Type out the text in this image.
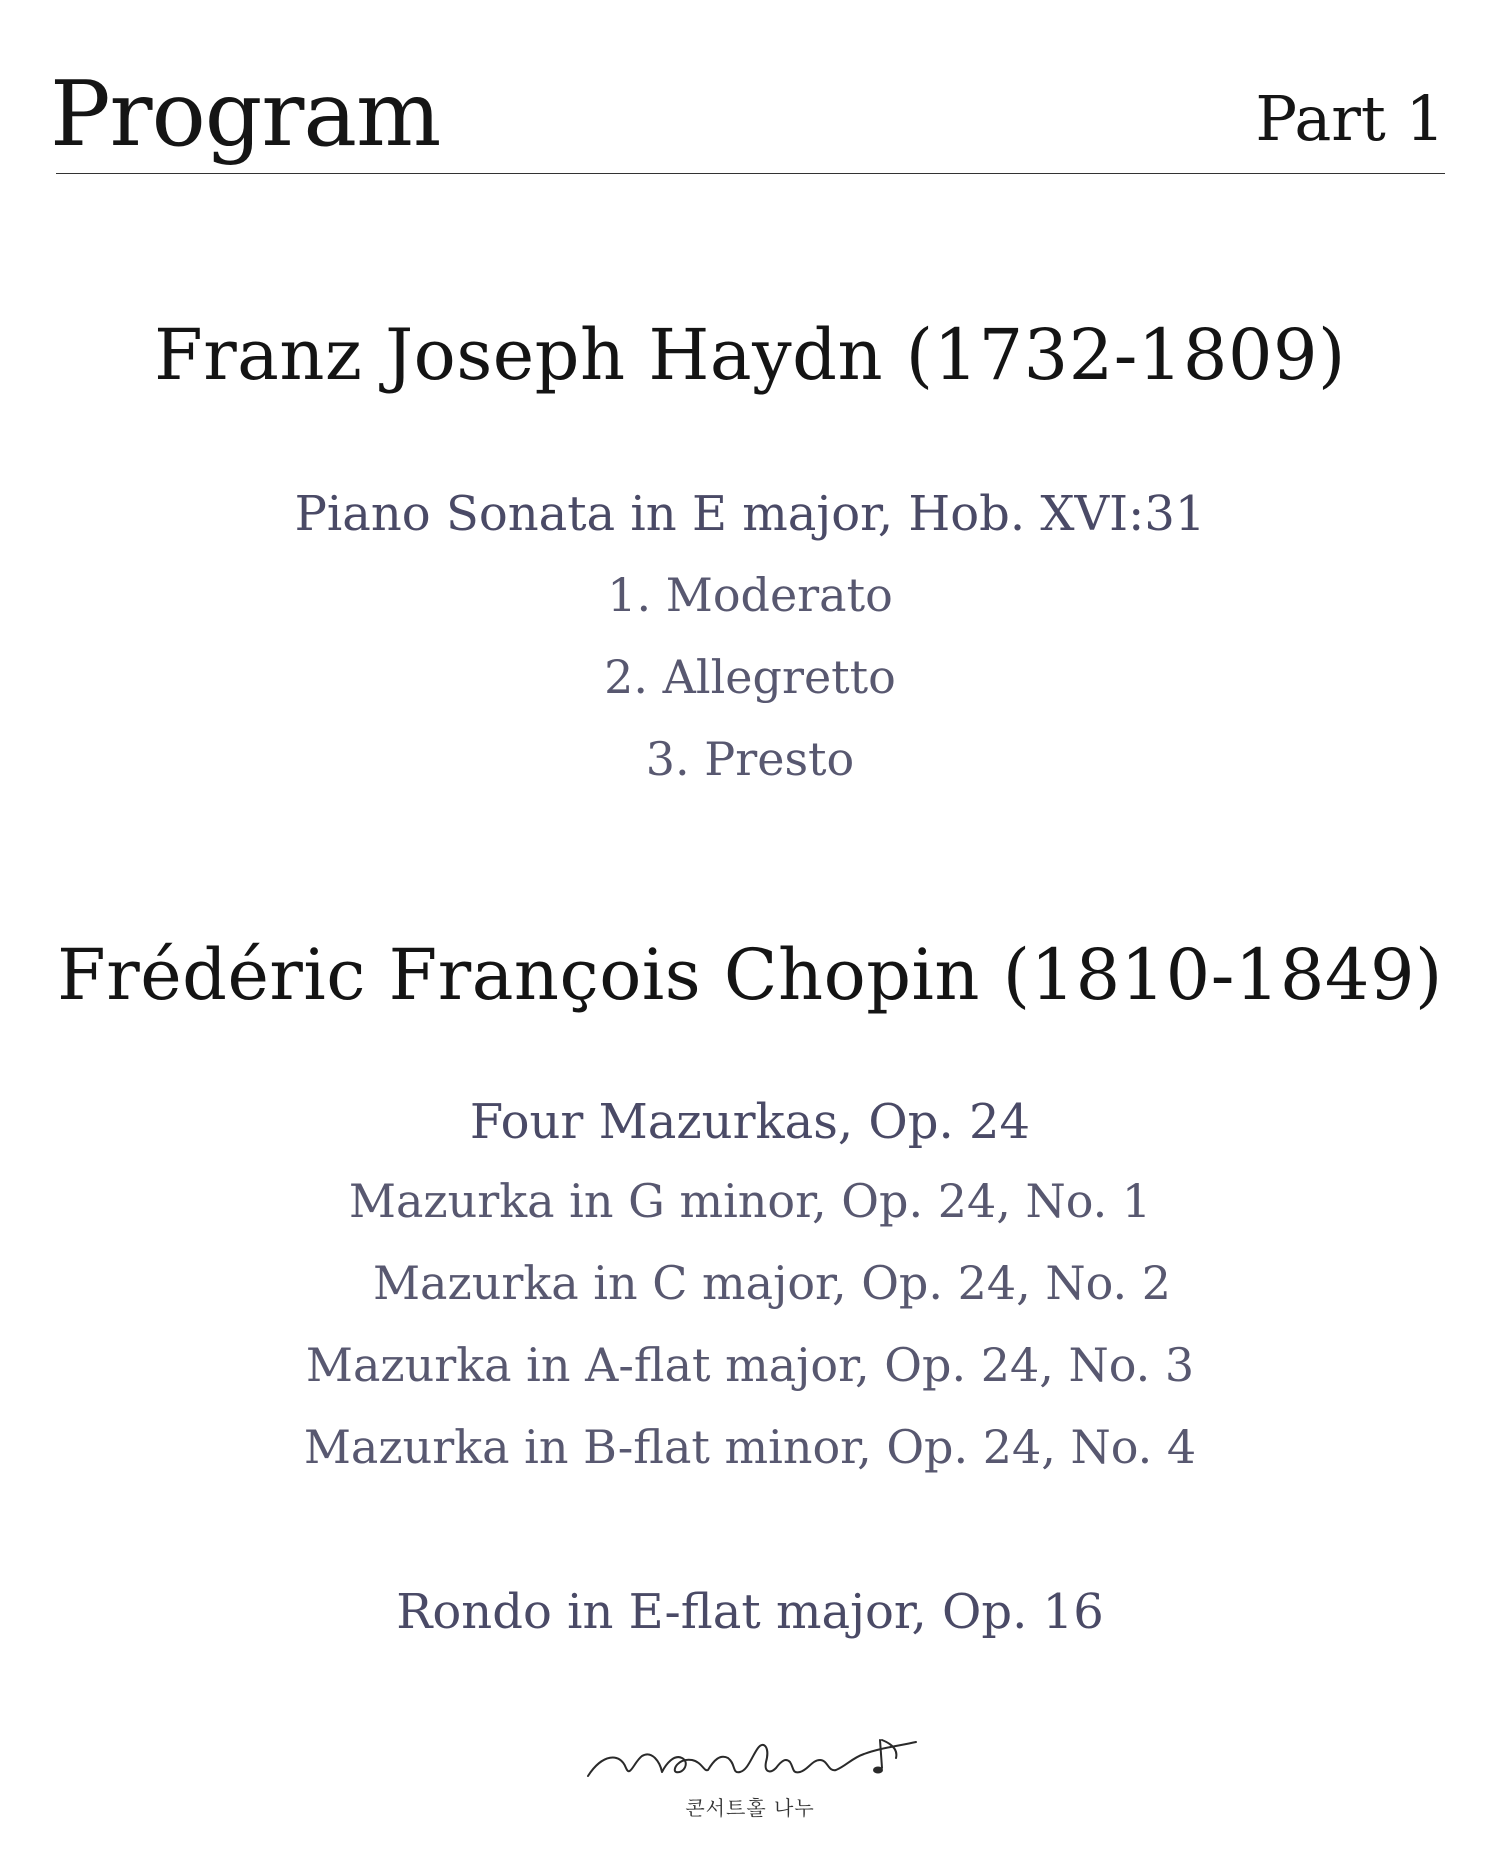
Program	Part 1
Franz Joseph Haydn (1732-1809)
Piano Sonata in E major, Hob. XVI:31
1. Moderato
2. Allegretto
3. Presto
Frédéric François Chopin (1810-1849)
Four Mazurkas, Op. 24
Mazurka in G minor, Op. 24, No. 1
Mazurka in C major, Op. 24, No. 2
Mazurka in A-flat major, Op. 24, No. 3
Mazurka in B-flat minor, Op. 24, No. 4
Rondo in E-flat major, Op. 16
콘서트홀 나누
